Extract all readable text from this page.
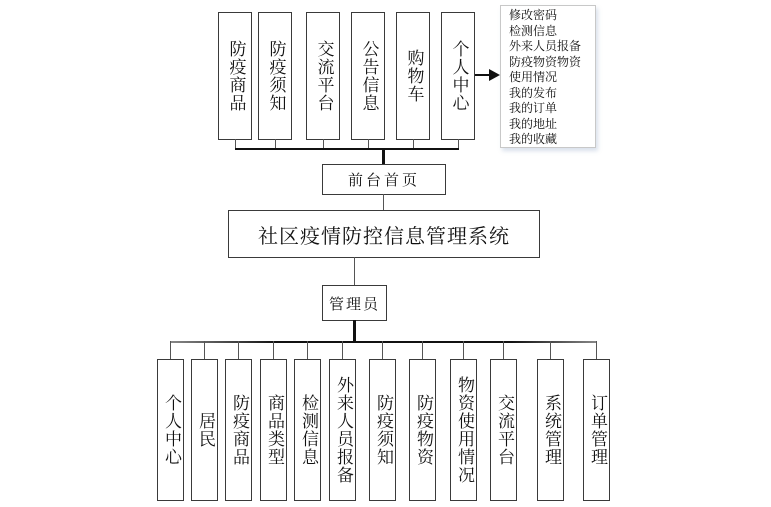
防疫商品 防疫须知 交流平台 公告信息 购物车 个人中心
修改密码
检测信息
外来人员报备
防疫物资物资
使用情况
我的发布
我的订单
我的地址
我的收藏
前台首页
社区疫情防控信息管理系统
管理员
个人中心 居民 防疫商品 商品类型 检测信息 外来人员报备 防疫须知 防疫物资 物资使用情况 交流平台 系统管理 订单管理
